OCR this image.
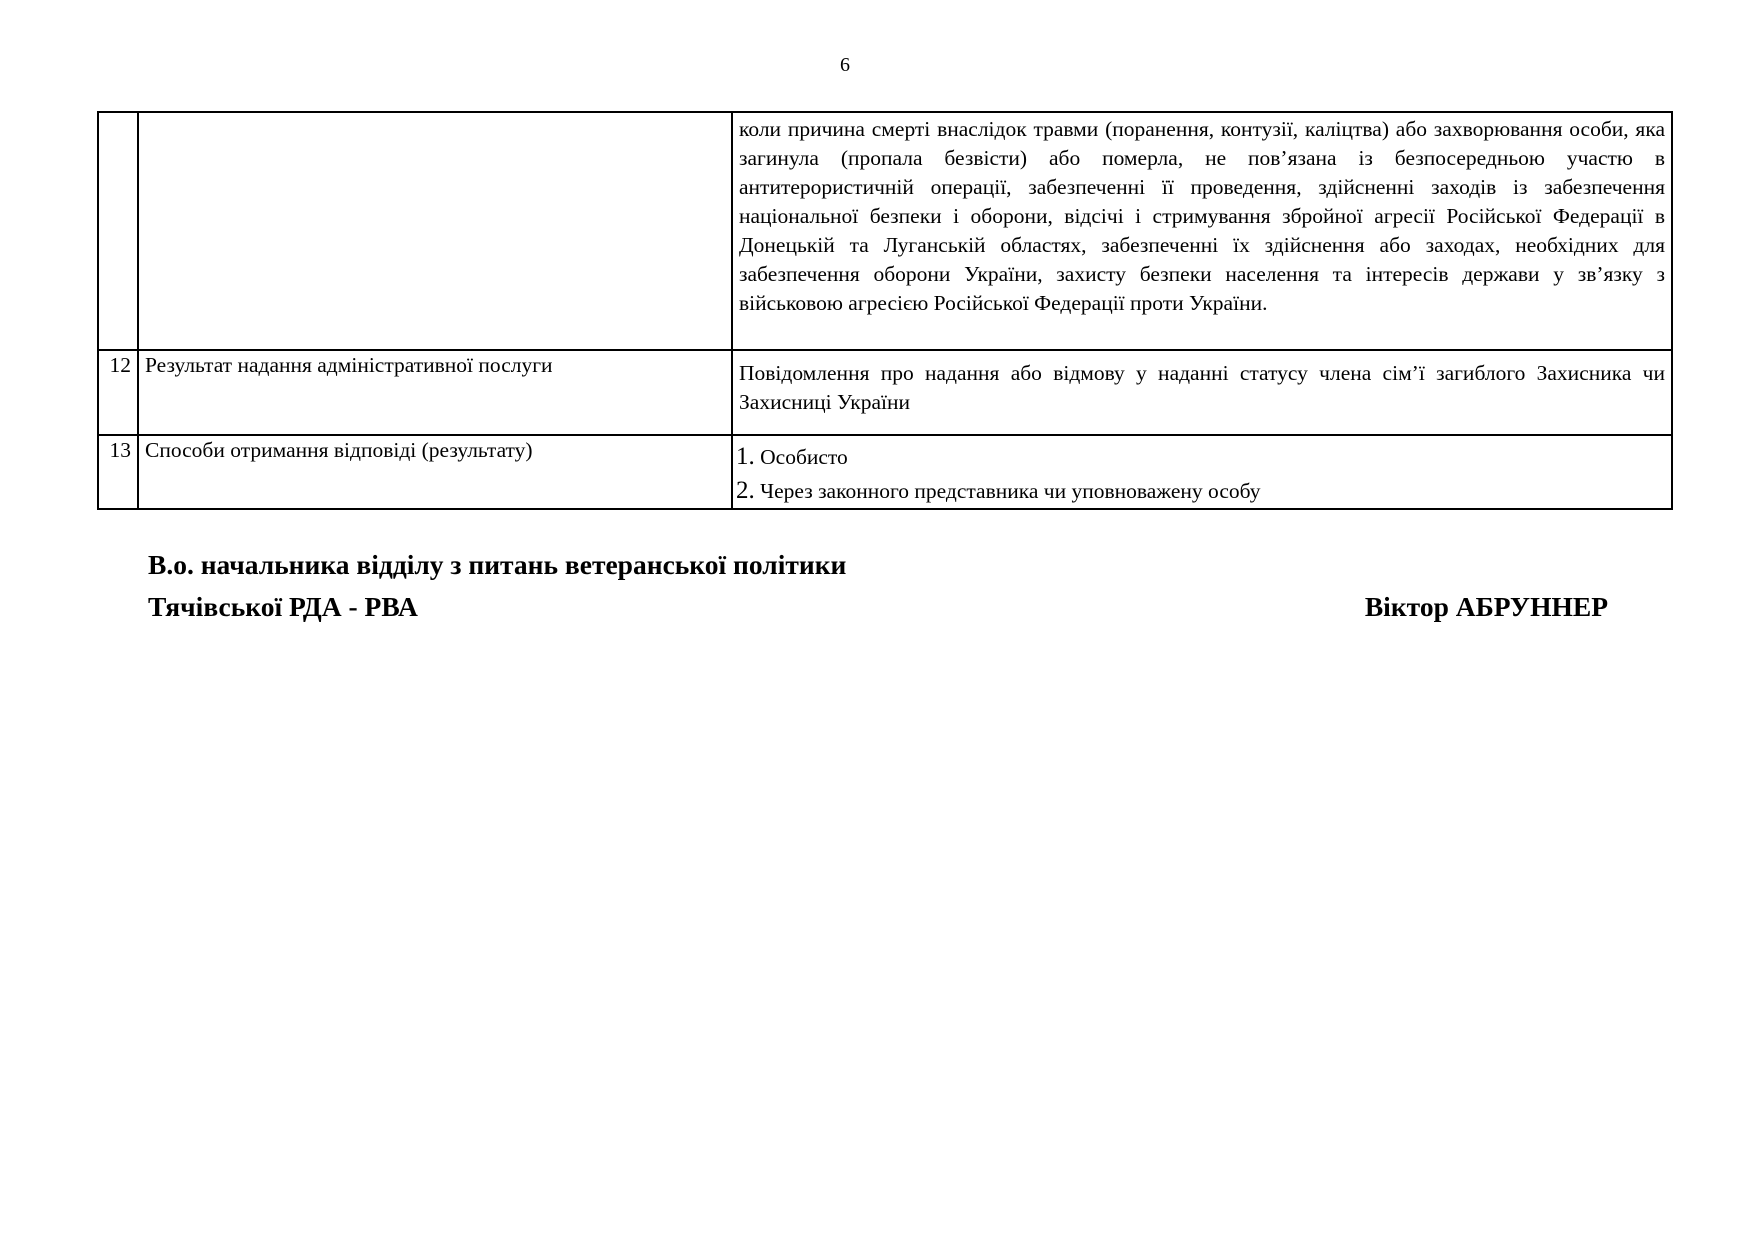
6
		коли причина смерті внаслідок травми (поранення, контузії, каліцтва) або захворювання особи, яка загинула (пропала безвісти) або померла, не пов’язана із безпосередньою участю в антитерористичній операції, забезпеченні її проведення, здійсненні заходів із забезпечення національної безпеки і оборони, відсічі і стримування збройної агресії Російської Федерації в Донецькій та Луганській областях, забезпеченні їх здійснення або заходах, необхідних для забезпечення оборони України, захисту безпеки населення та інтересів держави у зв’язку з військовою агресією Російської Федерації проти України.
12	Результат надання адміністративної послуги	Повідомлення про надання або відмову у наданні статусу члена сім’ї загиблого Захисника чи Захисниці України
13	Способи отримання відповіді (результату)	1. Особисто
2. Через законного представника чи уповноважену особу
В.о. начальника відділу з питань ветеранської політики
Тячівської РДА - РВА	Віктор АБРУННЕР
